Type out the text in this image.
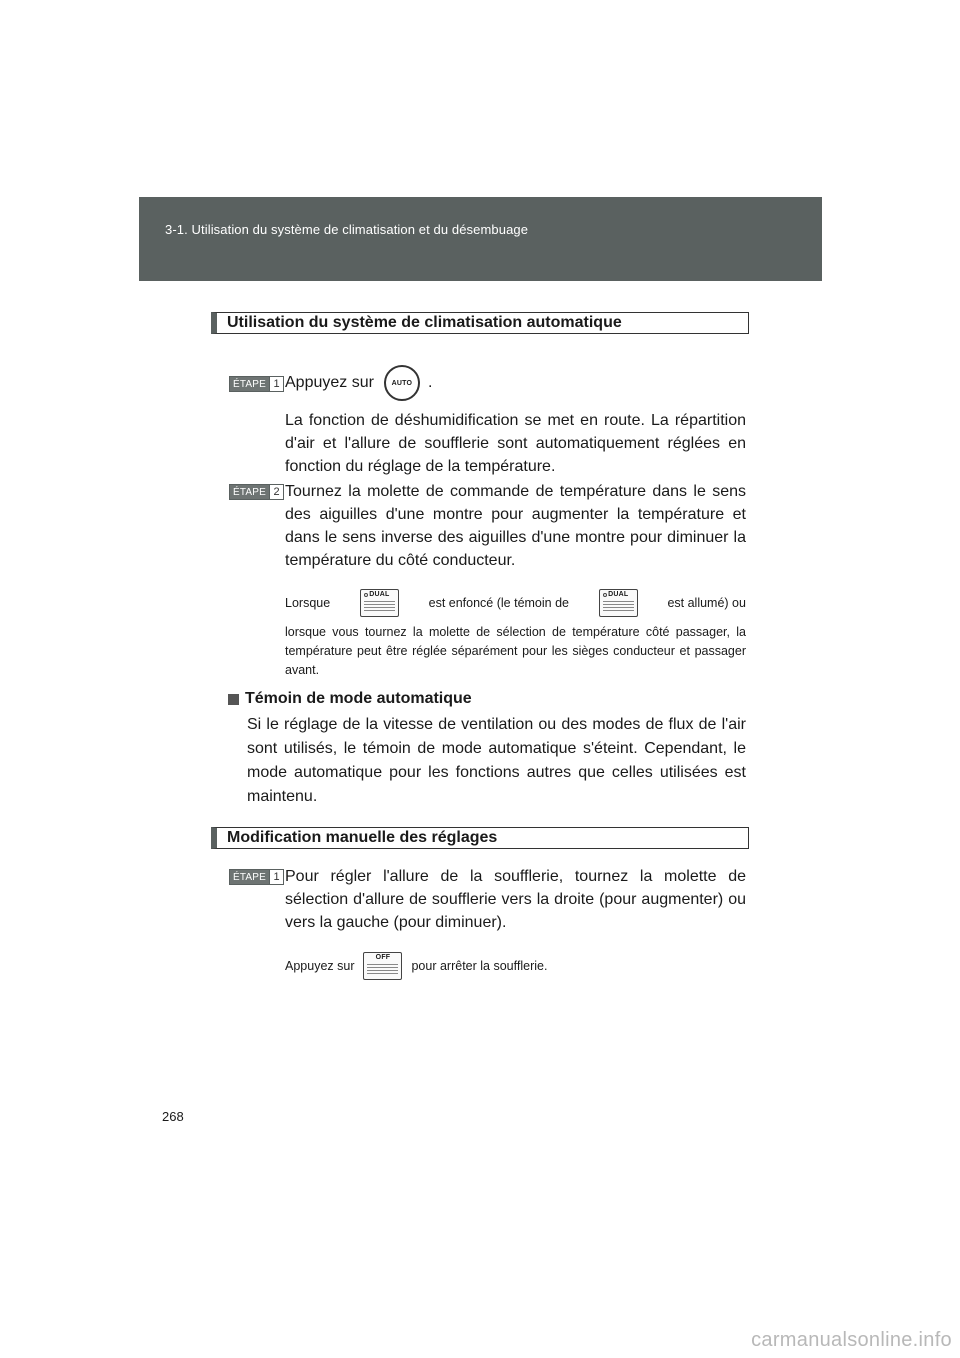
3-1. Utilisation du système de climatisation et du désembuage
Utilisation du système de climatisation automatique
ÉTAPE 1 Appuyez sur	AUTO .

La fonction de déshumidification se met en route. La répartition d'air et l'allure de soufflerie sont automatiquement réglées en fonction du réglage de la température.

ÉTAPE 2 Tournez la molette de commande de température dans le sens des aiguilles d'une montre pour augmenter la température et dans le sens inverse des aiguilles d'une montre pour diminuer la température du côté conducteur.

Lorsque
DUAL
est enfoncé (le témoin de
DUAL
est allumé) ou

lorsque vous tournez la molette de sélection de température côté passager, la température peut être réglée séparément pour les sièges conducteur et passager avant.

Témoin de mode automatique

Si le réglage de la vitesse de ventilation ou des modes de flux de l'air sont utilisés, le témoin de mode automatique s'éteint. Cependant, le mode automatique pour les fonctions autres que celles utilisées est maintenu.

Modification manuelle des réglages
ÉTAPE 1 Pour régler l'allure de la soufflerie, tournez la molette de sélection d'allure de soufflerie vers la droite (pour augmenter) ou vers la gauche (pour diminuer).

Appuyez sur
OFF
pour arrêter la soufflerie.
268
carmanualsonline.info
